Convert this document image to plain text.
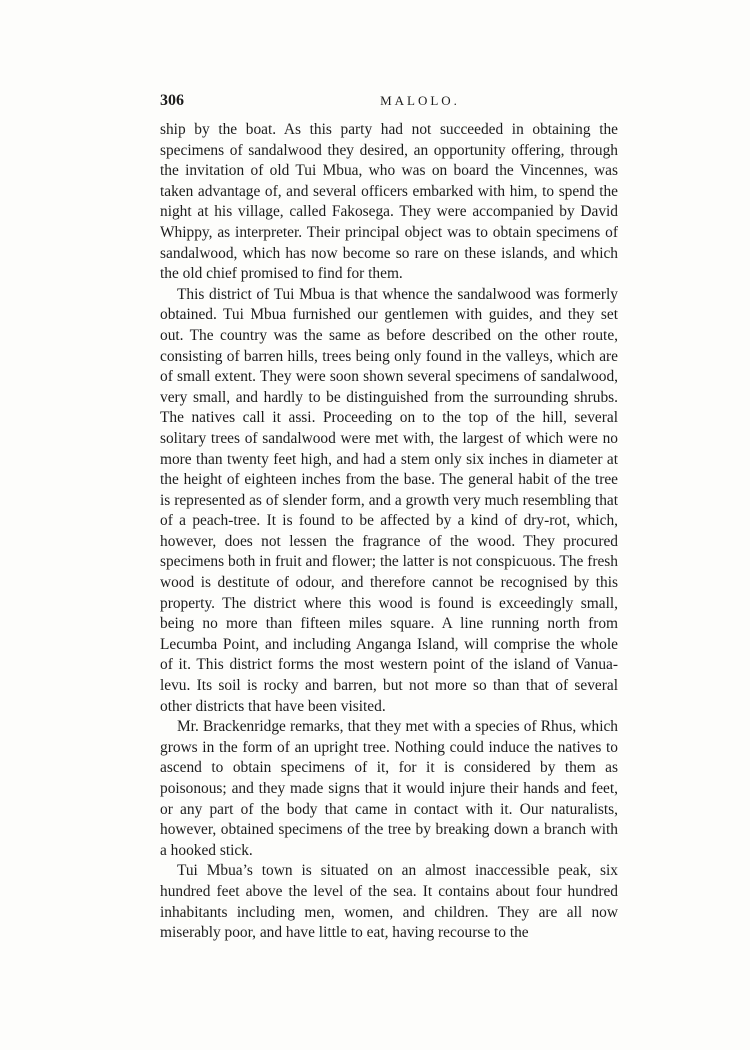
306	MALOLO.

ship by the boat. As this party had not succeeded in obtaining the specimens of sandalwood they desired, an opportunity offering, through the invitation of old Tui Mbua, who was on board the Vincennes, was taken advantage of, and several officers embarked with him, to spend the night at his village, called Fakosega. They were accompanied by David Whippy, as interpreter. Their principal object was to obtain specimens of sandalwood, which has now become so rare on these islands, and which the old chief promised to find for them.

This district of Tui Mbua is that whence the sandalwood was formerly obtained. Tui Mbua furnished our gentlemen with guides, and they set out. The country was the same as before described on the other route, consisting of barren hills, trees being only found in the valleys, which are of small extent. They were soon shown several specimens of sandalwood, very small, and hardly to be distinguished from the surrounding shrubs. The natives call it assi. Proceeding on to the top of the hill, several solitary trees of sandalwood were met with, the largest of which were no more than twenty feet high, and had a stem only six inches in diameter at the height of eighteen inches from the base. The general habit of the tree is represented as of slender form, and a growth very much resembling that of a peach-tree. It is found to be affected by a kind of dry-rot, which, however, does not lessen the fragrance of the wood. They procured specimens both in fruit and flower; the latter is not conspicuous. The fresh wood is destitute of odour, and therefore cannot be recognised by this property. The district where this wood is found is exceedingly small, being no more than fifteen miles square. A line running north from Lecumba Point, and including Anganga Island, will comprise the whole of it. This district forms the most western point of the island of Vanua-levu. Its soil is rocky and barren, but not more so than that of several other districts that have been visited.

Mr. Brackenridge remarks, that they met with a species of Rhus, which grows in the form of an upright tree. Nothing could induce the natives to ascend to obtain specimens of it, for it is considered by them as poisonous; and they made signs that it would injure their hands and feet, or any part of the body that came in contact with it. Our naturalists, however, obtained specimens of the tree by breaking down a branch with a hooked stick.

Tui Mbua’s town is situated on an almost inaccessible peak, six hundred feet above the level of the sea. It contains about four hundred inhabitants including men, women, and children. They are all now miserably poor, and have little to eat, having recourse to the
